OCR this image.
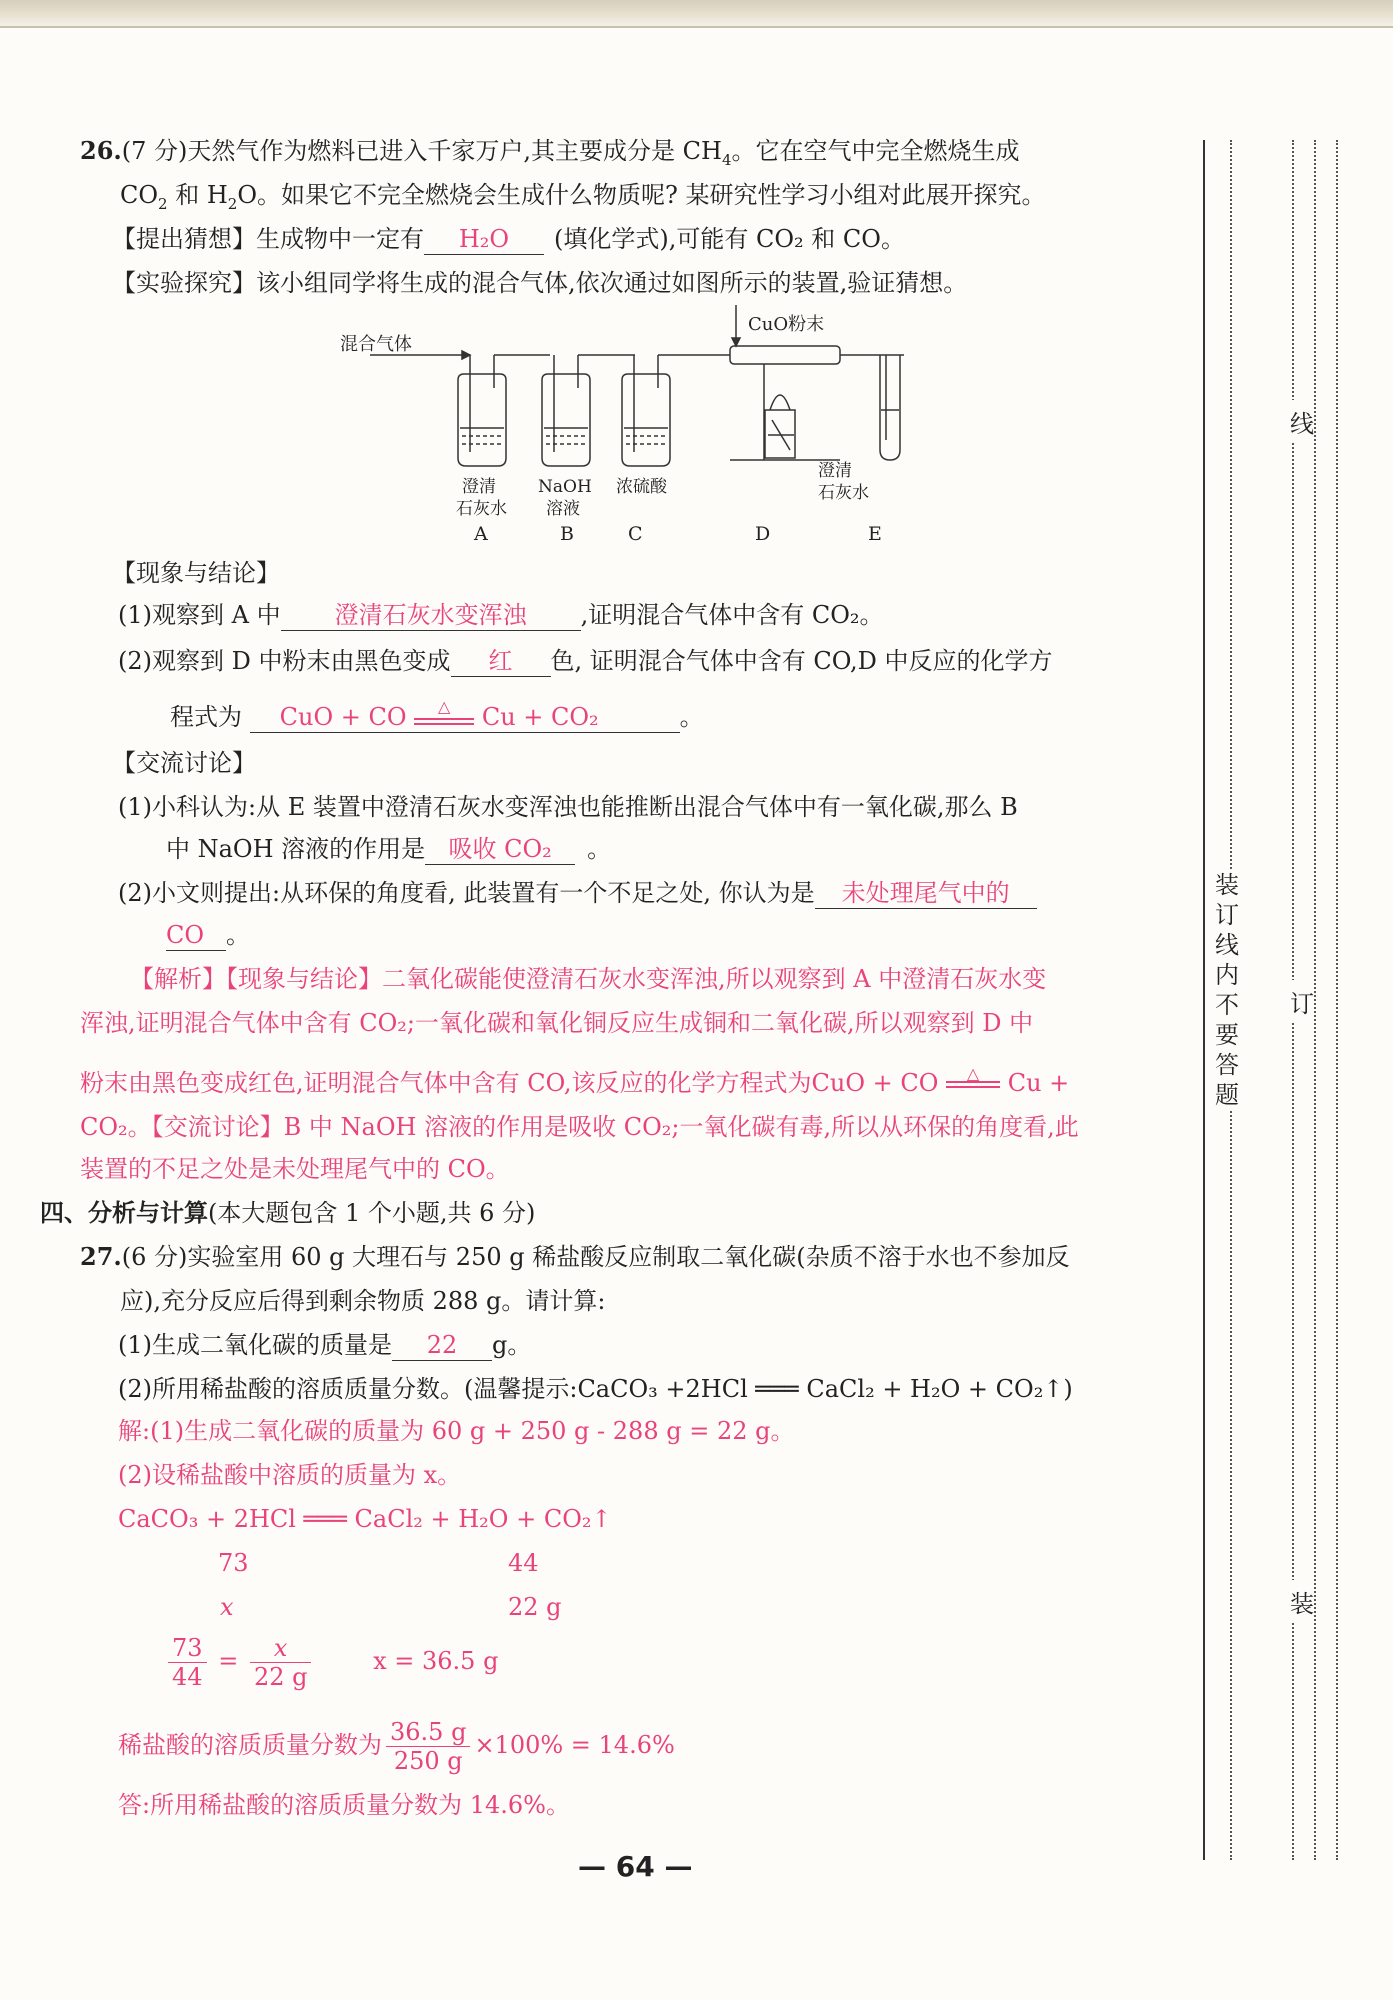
26.(7 分)天然气作为燃料已进入千家万户,其主要成分是 $CH_4$。它在空气中完全燃烧生成
$CO_2$ 和 $H_2O$。如果它不完全燃烧会生成什么物质呢? 某研究性学习小组对此展开探究。
【提出猜想】生成物中一定有 H₂O (填化学式),可能有 CO₂ 和 CO。
【实验探究】该小组同学将生成的混合气体,依次通过如图所示的装置,验证猜想。
混合气体
CuO粉末
澄清
石灰水
NaOH
溶液
浓硫酸
澄清
石灰水
A	B	C	D	E
【现象与结论】
(1)观察到 A 中 澄清石灰水变浑浊 ,证明混合气体中含有 CO₂。
(2)观察到 D 中粉末由黑色变成 红 色, 证明混合气体中含有 CO,D 中反应的化学方
程式为 CuO + CO	△	Cu + CO₂	。
【交流讨论】
(1)小科认为:从 E 装置中澄清石灰水变浑浊也能推断出混合气体中有一氧化碳,那么 B
中 NaOH 溶液的作用是 吸收 CO₂ 。
(2)小文则提出:从环保的角度看, 此装置有一个不足之处, 你认为是 未处理尾气中的
CO 。
【解析】【现象与结论】二氧化碳能使澄清石灰水变浑浊,所以观察到 A 中澄清石灰水变
浑浊,证明混合气体中含有 CO₂;一氧化碳和氧化铜反应生成铜和二氧化碳,所以观察到 D 中
粉末由黑色变成红色,证明混合气体中含有 CO,该反应的化学方程式为CuO + CO	△	Cu +
CO₂。【交流讨论】B 中 NaOH 溶液的作用是吸收 CO₂;一氧化碳有毒,所以从环保的角度看,此
装置的不足之处是未处理尾气中的 CO。
四、分析与计算(本大题包含 1 个小题,共 6 分)
27.(6 分)实验室用 60 g 大理石与 250 g 稀盐酸反应制取二氧化碳(杂质不溶于水也不参加反
应),充分反应后得到剩余物质 288 g。请计算:
(1)生成二氧化碳的质量是 22 g。
(2)所用稀盐酸的溶质质量分数。(温馨提示:CaCO₃ +2HCl ═══ CaCl₂ + H₂O + CO₂↑)
解:(1)生成二氧化碳的质量为 60 g + 250 g - 288 g = 22 g。
(2)设稀盐酸中溶质的质量为 x。
CaCO₃ + 2HCl ═══ CaCl₂ + H₂O + CO₂↑
73	44
x	22 g
$\frac{73}{44} = \frac{x}{22 g}$	x = 36.5 g
稀盐酸的溶质质量分数为 $\frac{36.5 g}{250 g} \times 100\% = 14.6\%$
答:所用稀盐酸的溶质质量分数为 14.6%。
线
订
装
装订线内不要答题
— 64 —
